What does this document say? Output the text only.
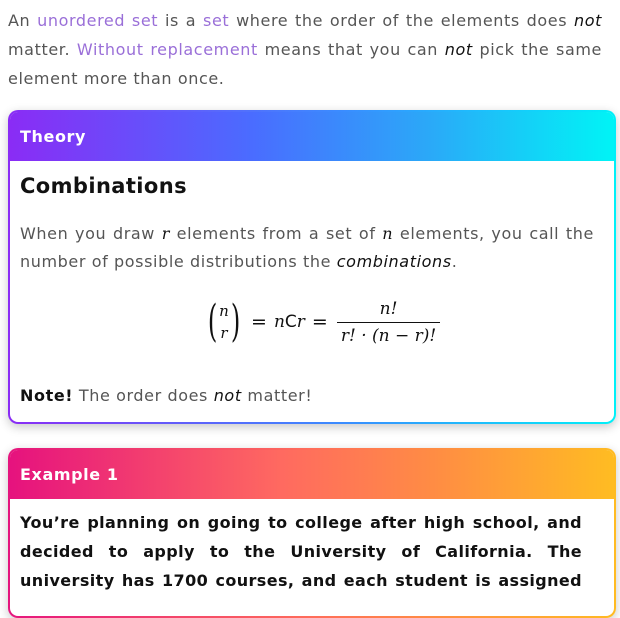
An unordered set is a set where the order of the elements does not matter. Without replacement means that you can not pick the same element more than once.
Theory
Combinations
When you draw r elements from a set of n elements, you call the number of possible distributions the combinations.
( n
r ) = nCr = $\frac{n!}{r! \cdot (n - r)!}$
Note! The order does not matter!
Example 1
You’re planning on going to college after high school, and decided to apply to the University of California. The university has 1700 courses, and each student is assigned
